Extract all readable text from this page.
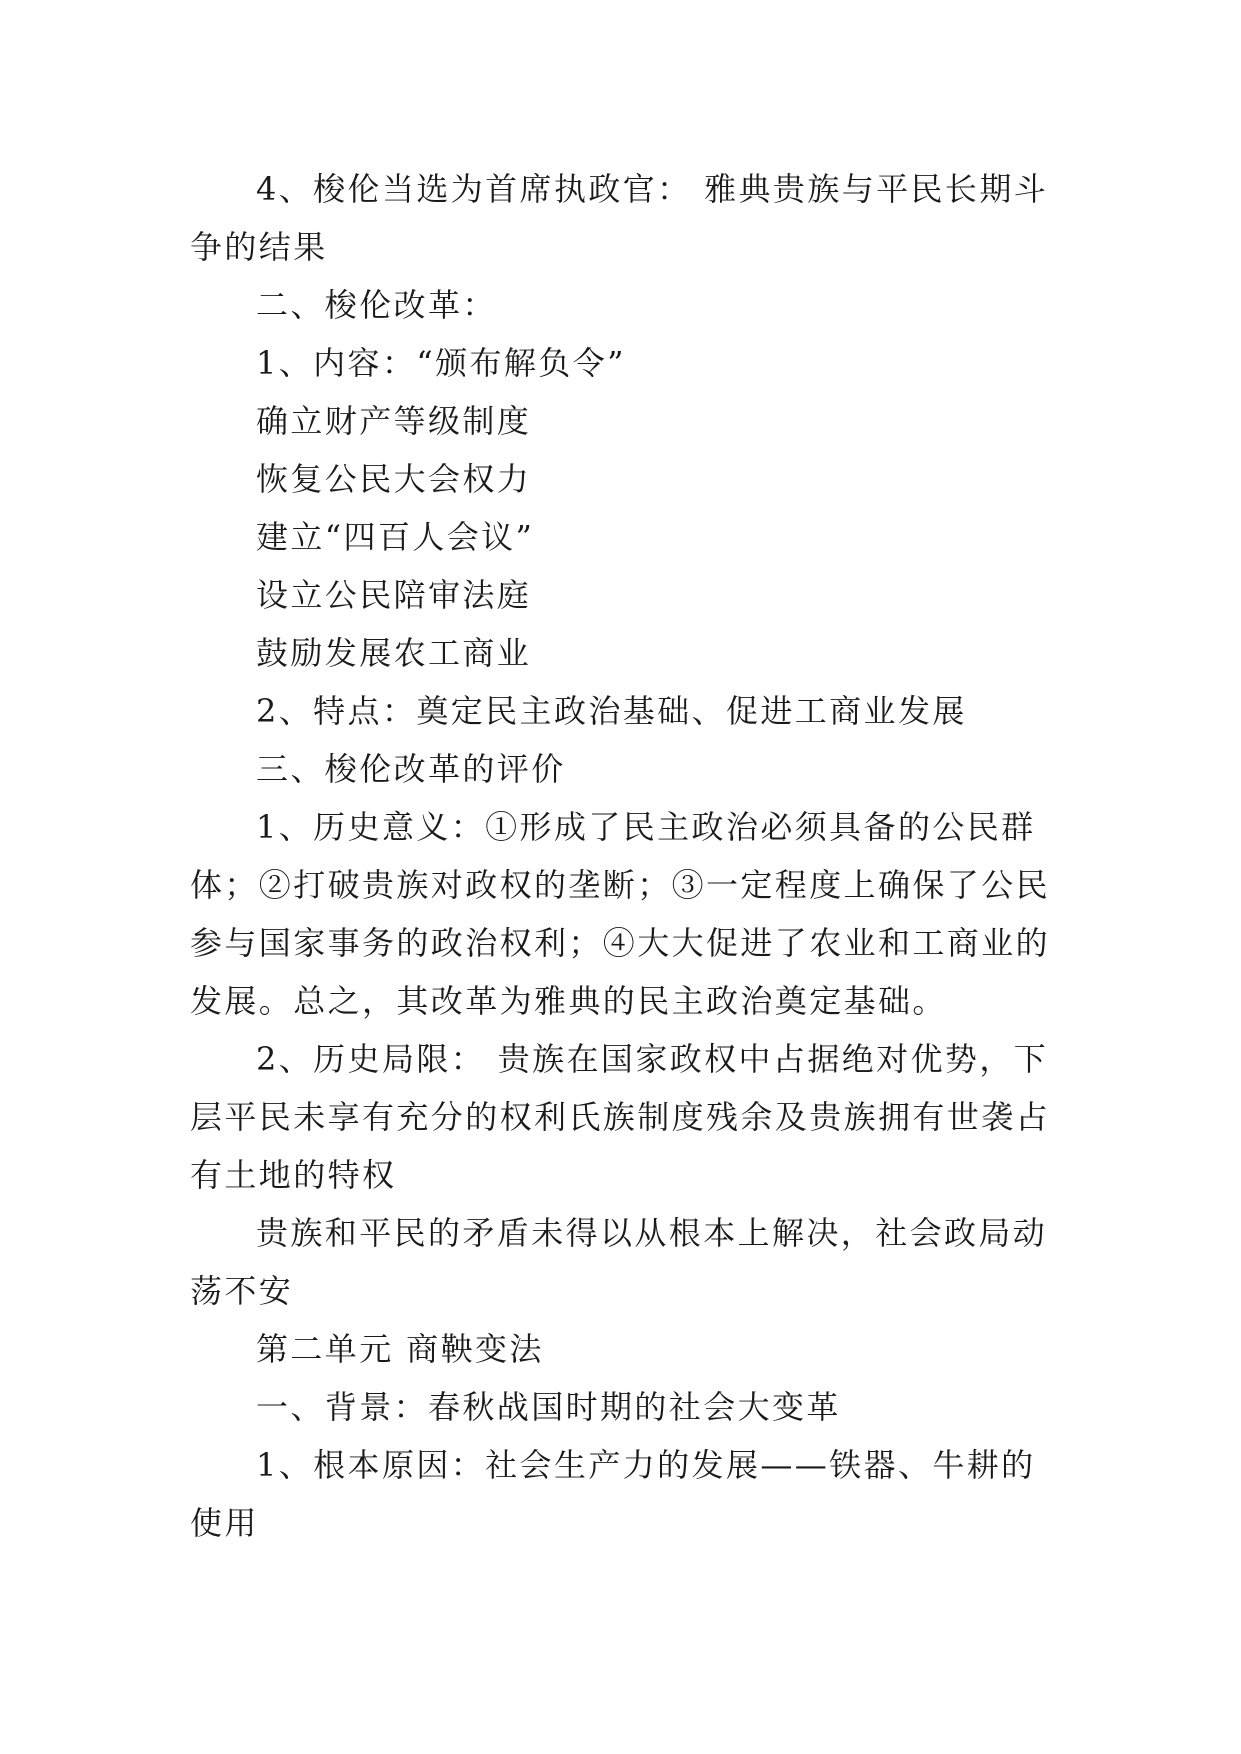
4、梭伦当选为首席执政官： 雅典贵族与平民长期斗争的结果

二、梭伦改革：

1、内容：“颁布解负令”

确立财产等级制度

恢复公民大会权力

建立“四百人会议”

设立公民陪审法庭

鼓励发展农工商业

2、特点：奠定民主政治基础、促进工商业发展

三、梭伦改革的评价

1、历史意义：①形成了民主政治必须具备的公民群体；②打破贵族对政权的垄断；③一定程度上确保了公民参与国家事务的政治权利；④大大促进了农业和工商业的发展。总之，其改革为雅典的民主政治奠定基础。

2、历史局限： 贵族在国家政权中占据绝对优势，下层平民未享有充分的权利氏族制度残余及贵族拥有世袭占有土地的特权

贵族和平民的矛盾未得以从根本上解决，社会政局动荡不安

第二单元 商鞅变法

一、背景：春秋战国时期的社会大变革

1、根本原因：社会生产力的发展——铁器、牛耕的使用
